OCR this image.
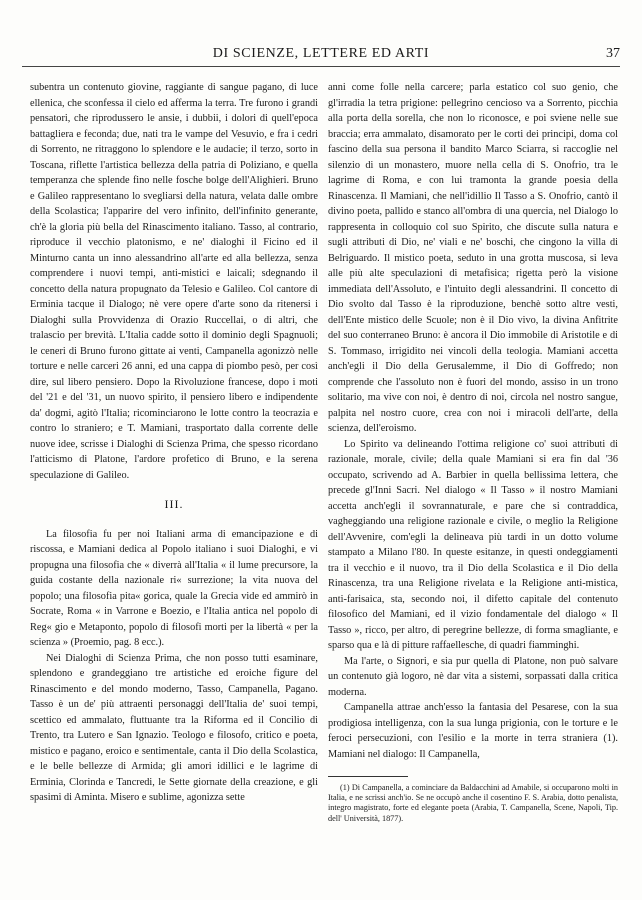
DI SCIENZE, LETTERE ED ARTI	37

subentra un contenuto giovine, raggiante di sangue pagano, di luce ellenica, che sconfessa il cielo ed afferma la terra. Tre furono i grandi pensatori, che riprodussero le ansie, i dubbii, i dolori di quell'epoca battagliera e feconda; due, nati tra le vampe del Vesuvio, e fra i cedri di Sorrento, ne ritraggono lo splendore e le audacie; il terzo, sorto in Toscana, riflette l'artistica bellezza della patria di Poliziano, e quella temperanza che splende fino nelle fosche bolge dell'Alighieri. Bruno e Galileo rappresentano lo svegliarsi della natura, velata dalle ombre della Scolastica; l'apparire del vero infinito, dell'infinito generante, ch'è la gloria più bella del Rinascimento italiano. Tasso, al contrario, riproduce il vecchio platonismo, e ne' dialoghi il Ficino ed il Minturno canta un inno alessandrino all'arte ed alla bellezza, senza comprendere i nuovi tempi, anti-mistici e laicali; sdegnando il concetto della natura propugnato da Telesio e Galileo. Col cantore di Erminia tacque il Dialogo; nè vere opere d'arte sono da ritenersi i Dialoghi sulla Provvidenza di Orazio Ruccellai, o di altri, che tralascio per brevità. L'Italia cadde sotto il dominio degli Spagnuoli; le ceneri di Bruno furono gittate ai venti, Campanella agonizzò nelle torture e nelle carceri 26 anni, ed una cappa di piombo pesò, per così dire, sul libero pensiero. Dopo la Rivoluzione francese, dopo i moti del '21 e del '31, un nuovo spirito, il pensiero libero e indipendente da' dogmi, agitò l'Italia; ricominciarono le lotte contro la teocrazia e contro lo straniero; e T. Mamiani, trasportato dalla corrente delle nuove idee, scrisse i Dialoghi di Scienza Prima, che spesso ricordano l'atticismo di Platone, l'ardore profetico di Bruno, e la serena speculazione di Galileo.

III.

La filosofia fu per noi Italiani arma di emancipazione e di riscossa, e Mamiani dedica al Popolo italiano i suoi Dialoghi, e vi propugna una filosofia che « diverrà all'Italia « il lume precursore, la guida costante della nazionale ri« surrezione; la vita nuova del popolo; una filosofia pita« gorica, quale la Grecia vide ed ammirò in Socrate, Roma « in Varrone e Boezio, e l'Italia antica nel popolo di Reg« gio e Metaponto, popolo di filosofi morti per la libertà « per la scienza » (Proemio, pag. 8 ecc.).

Nei Dialoghi di Scienza Prima, che non posso tutti esaminare, splendono e grandeggiano tre artistiche ed eroiche figure del Rinascimento e del mondo moderno, Tasso, Campanella, Pagano. Tasso è un de' più attraenti personaggi dell'Italia de' suoi tempi, scettico ed ammalato, fluttuante tra la Riforma ed il Concilio di Trento, tra Lutero e San Ignazio. Teologo e filosofo, critico e poeta, mistico e pagano, eroico e sentimentale, canta il Dio della Scolastica, e le belle bellezze di Armida; gli amori idillici e le lagrime di Erminia, Clorinda e Tancredi, le Sette giornate della creazione, e gli spasimi di Aminta. Misero e sublime, agonizza sette

anni come folle nella carcere; parla estatico col suo genio, che gl'irradia la tetra prigione: pellegrino cencioso va a Sorrento, picchia alla porta della sorella, che non lo riconosce, e poi sviene nelle sue braccia; erra ammalato, disamorato per le corti dei principi, doma col fascino della sua persona il bandito Marco Sciarra, si raccoglie nel silenzio di un monastero, muore nella cella di S. Onofrio, tra le lagrime di Roma, e con lui tramonta la grande poesia della Rinascenza. Il Mamiani, che nell'idillio Il Tasso a S. Onofrio, cantò il divino poeta, pallido e stanco all'ombra di una quercia, nel Dialogo lo rappresenta in colloquio col suo Spirito, che discute sulla natura e sugli attributi di Dio, ne' viali e ne' boschi, che cingono la villa di Belriguardo. Il mistico poeta, seduto in una grotta muscosa, si leva alle più alte speculazioni di metafisica; rigetta però la visione immediata dell'Assoluto, e l'intuito degli alessandrini. Il concetto di Dio svolto dal Tasso è la riproduzione, benchè sotto altre vesti, dell'Ente mistico delle Scuole; non è il Dio vivo, la divina Anfitrite del suo conterraneo Bruno: è ancora il Dio immobile di Aristotile e di S. Tommaso, irrigidito nei vincoli della teologia. Mamiani accetta anch'egli il Dio della Gerusalemme, il Dio di Goffredo; non comprende che l'assoluto non è fuori del mondo, assiso in un trono solitario, ma vive con noi, è dentro di noi, circola nel nostro sangue, palpita nel nostro cuore, crea con noi i miracoli dell'arte, della scienza, dell'eroismo.

Lo Spirito va delineando l'ottima religione co' suoi attributi di razionale, morale, civile; della quale Mamiani si era fin dal '36 occupato, scrivendo ad A. Barbier in quella bellissima lettera, che precede gl'Inni Sacri. Nel dialogo « Il Tasso » il nostro Mamiani accetta anch'egli il sovrannaturale, e pare che si contraddica, vagheggiando una religione razionale e civile, o meglio la Religione dell'Avvenire, com'egli la delineava più tardi in un dotto volume stampato a Milano l'80. In queste esitanze, in questi ondeggiamenti tra il vecchio e il nuovo, tra il Dio della Scolastica e il Dio della Rinascenza, tra una Religione rivelata e la Religione anti-mistica, anti-farisaica, sta, secondo noi, il difetto capitale del contenuto filosofico del Mamiani, ed il vizio fondamentale del dialogo « Il Tasso », ricco, per altro, di peregrine bellezze, di forma smagliante, e sparso qua e là di pitture raffaellesche, di quadri fiamminghi.

Ma l'arte, o Signori, e sia pur quella di Platone, non può salvare un contenuto già logoro, nè dar vita a sistemi, sorpassati dalla critica moderna.

Campanella attrae anch'esso la fantasia del Pesarese, con la sua prodigiosa intelligenza, con la sua lunga prigionia, con le torture e le feroci persecuzioni, con l'esilio e la morte in terra straniera (1). Mamiani nel dialogo: Il Campanella,

(1) Di Campanella, a cominciare da Baldacchini ad Amabile, si occuparono molti in Italia, e ne scrissi anch'io. Se ne occupò anche il cosentino F. S. Arabia, dotto penalista, integro magistrato, forte ed elegante poeta (Arabia, T. Campanella, Scene, Napoli, Tip. dell' Università, 1877).
